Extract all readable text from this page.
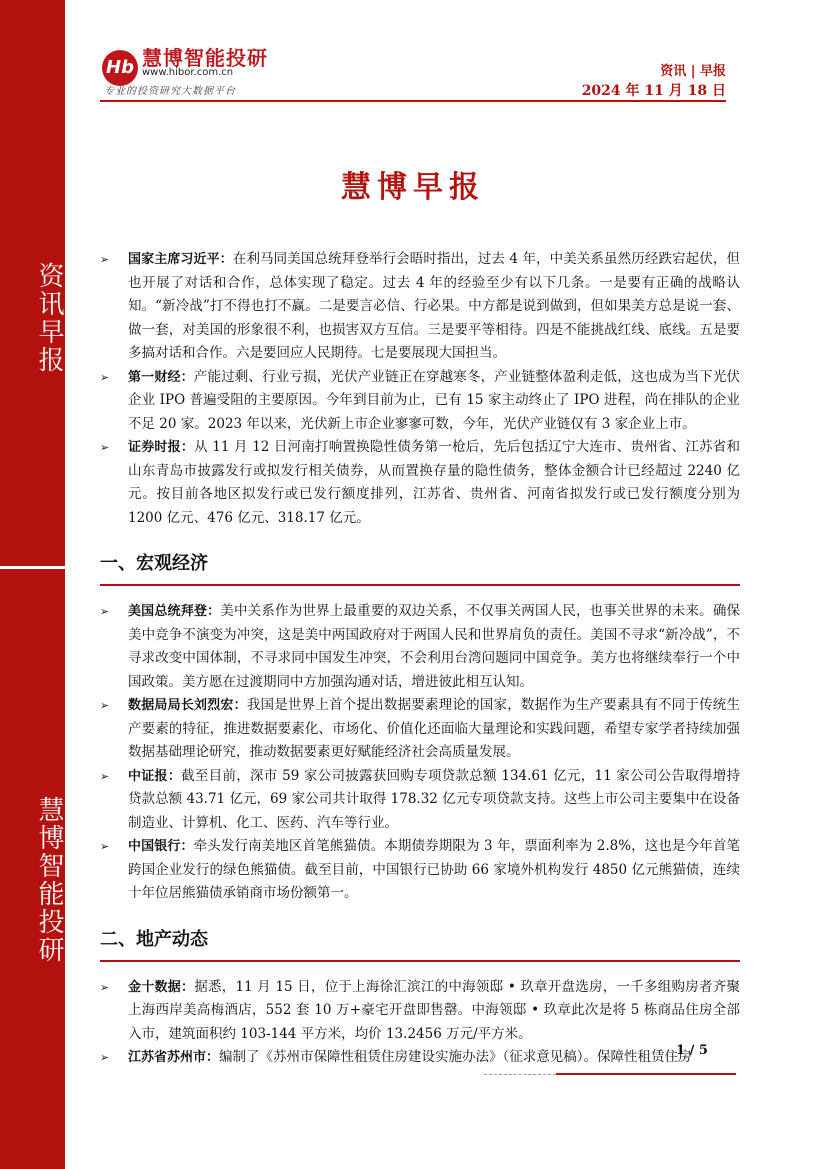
资讯早报
慧博智能投研
Hb 慧博智能投研
www.hibor.com.cn
专业的投资研究大数据平台
资讯 | 早报
2024 年 11 月 18 日
慧博早报
➢ 国家主席习近平：在利马同美国总统拜登举行会晤时指出，过去 4 年，中美关系虽然历经跌宕起伏，但也开展了对话和合作，总体实现了稳定。过去 4 年的经验至少有以下几条。一是要有正确的战略认知。“新冷战”打不得也打不赢。二是要言必信、行必果。中方都是说到做到，但如果美方总是说一套、做一套，对美国的形象很不利，也损害双方互信。三是要平等相待。四是不能挑战红线、底线。五是要多搞对话和合作。六是要回应人民期待。七是要展现大国担当。
➢ 第一财经：产能过剩、行业亏损，光伏产业链正在穿越寒冬，产业链整体盈利走低，这也成为当下光伏企业 IPO 普遍受阻的主要原因。今年到目前为止，已有 15 家主动终止了 IPO 进程，尚在排队的企业不足 20 家。2023 年以来，光伏新上市企业寥寥可数，今年，光伏产业链仅有 3 家企业上市。
➢ 证券时报：从 11 月 12 日河南打响置换隐性债务第一枪后，先后包括辽宁大连市、贵州省、江苏省和山东青岛市披露发行或拟发行相关债券，从而置换存量的隐性债务，整体金额合计已经超过 2240 亿元。按目前各地区拟发行或已发行额度排列，江苏省、贵州省、河南省拟发行或已发行额度分别为 1200 亿元、476 亿元、318.17 亿元。
一、宏观经济
➢ 美国总统拜登：美中关系作为世界上最重要的双边关系，不仅事关两国人民，也事关世界的未来。确保美中竞争不演变为冲突，这是美中两国政府对于两国人民和世界肩负的责任。美国不寻求“新冷战”，不寻求改变中国体制，不寻求同中国发生冲突，不会利用台湾问题同中国竞争。美方也将继续奉行一个中国政策。美方愿在过渡期同中方加强沟通对话，增进彼此相互认知。
➢ 数据局局长刘烈宏：我国是世界上首个提出数据要素理论的国家，数据作为生产要素具有不同于传统生产要素的特征，推进数据要素化、市场化、价值化还面临大量理论和实践问题，希望专家学者持续加强数据基础理论研究，推动数据要素更好赋能经济社会高质量发展。
➢ 中证报：截至目前，深市 59 家公司披露获回购专项贷款总额 134.61 亿元，11 家公司公告取得增持贷款总额 43.71 亿元，69 家公司共计取得 178.32 亿元专项贷款支持。这些上市公司主要集中在设备制造业、计算机、化工、医药、汽车等行业。
➢ 中国银行：牵头发行南美地区首笔熊猫债。本期债券期限为 3 年，票面利率为 2.8%，这也是今年首笔跨国企业发行的绿色熊猫债。截至目前，中国银行已协助 66 家境外机构发行 4850 亿元熊猫债，连续十年位居熊猫债承销商市场份额第一。
二、地产动态
➢ 金十数据：据悉，11 月 15 日，位于上海徐汇滨江的中海领邸 • 玖章开盘选房，一千多组购房者齐聚上海西岸美高梅酒店，552 套 10 万+豪宅开盘即售罄。中海领邸 • 玖章此次是将 5 栋商品住房全部入市，建筑面积约 103-144 平方米，均价 13.2456 万元/平方米。
➢ 江苏省苏州市：编制了《苏州市保障性租赁住房建设实施办法》（征求意见稿）。保障性租赁住房
1 / 5
